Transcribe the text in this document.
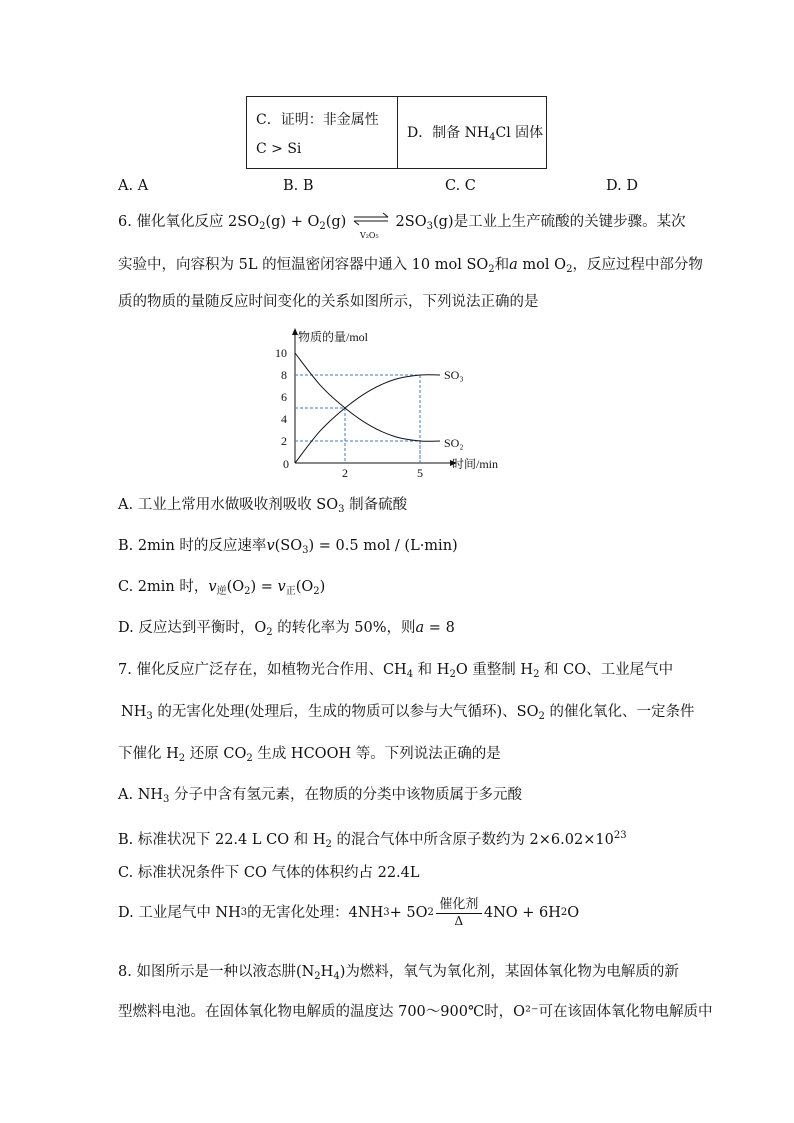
C．证明：非金属性
C > Si
	D．制备 $NH_4Cl$ 固体
A. A	B. B	C. C	D. D
6. 催化氧化反应 $2SO_2(g) + O_2(g)$
V₂O₅
$2SO_3(g)$是工业上生产硫酸的关键步骤。某次
实验中，向容积为 5L 的恒温密闭容器中通入 10 mol $SO_2$和a mol $O_2$，反应过程中部分物
质的物质的量随反应时间变化的关系如图所示，下列说法正确的是
物质的量/mol
时间/min
0
2
4
6
8
10
2	5
SO₃
SO₂
A. 工业上常用水做吸收剂吸收 $SO_3$ 制备硫酸
B. 2min 时的反应速率$v(SO_3) = 0.5$ mol / (L·min)
C. 2min 时，$v_逆(O_2) = v_正(O_2)$
D. 反应达到平衡时，$O_2$ 的转化率为 50%，则a = 8
7. 催化反应广泛存在，如植物光合作用、$CH_4$ 和 $H_2O$ 重整制 $H_2$ 和 CO、工业尾气中
$NH_3$ 的无害化处理(处理后，生成的物质可以参与大气循环)、$SO_2$ 的催化氧化、一定条件
下催化 $H_2$ 还原 $CO_2$ 生成 HCOOH 等。下列说法正确的是
A. $NH_3$ 分子中含有氢元素，在物质的分类中该物质属于多元酸
B. 标准状况下 22.4 L CO 和 $H_2$ 的混合气体中所含原子数约为 $2\times 6.02\times 10^{23}$
C. 标准状况条件下 CO 气体的体积约占 22.4L
D. 工业尾气中 NH 3 的无害化处理：4NH 3 + 5O $2 \frac{\text{催化剂}}{\Delta} 4NO + 6H$ 2 O
8. 如图所示是一种以液态肼$(N_2H_4)$为燃料，氧气为氧化剂，某固体氧化物为电解质的新
型燃料电池。在固体氧化物电解质的温度达 700～900℃时，O²⁻可在该固体氧化物电解质中
